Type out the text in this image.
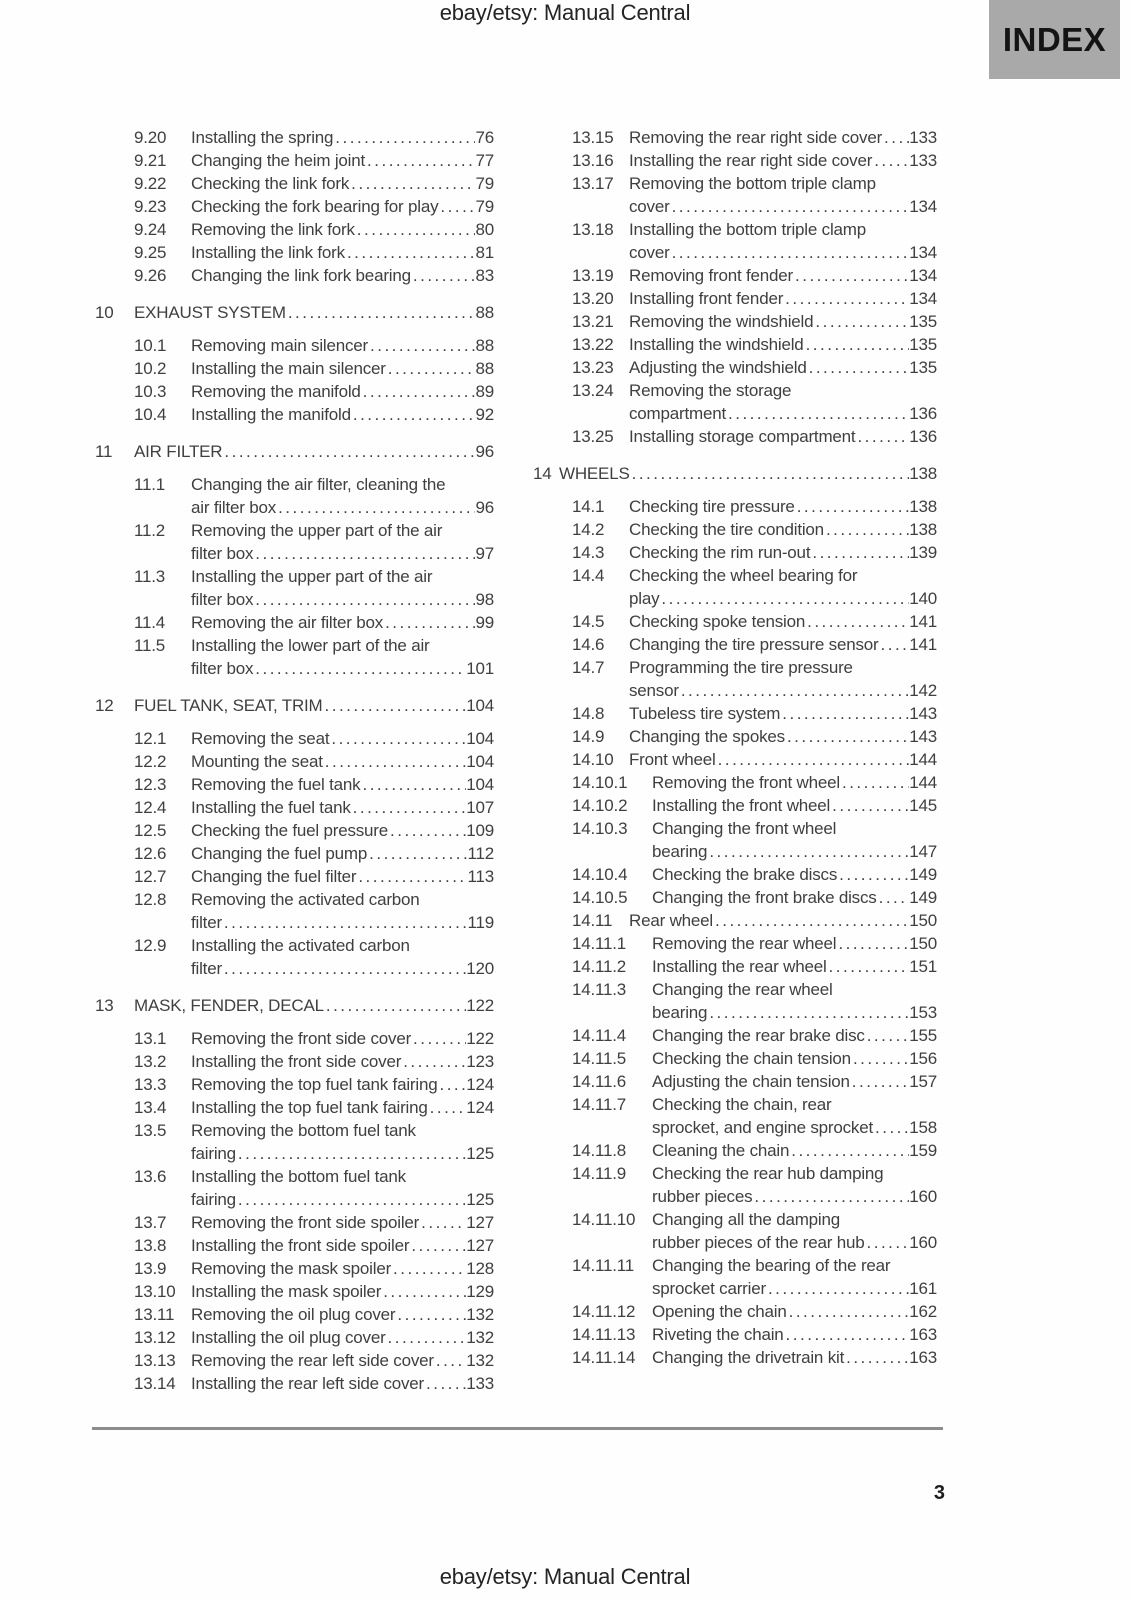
ebay/etsy: Manual Central
INDEX
9.20	Installing the spring .....	76
9.21	Changing the heim joint .....	77
9.22	Checking the link fork .....	79
9.23	Checking the fork bearing for play ..... 79
9.24	Removing the link fork .....	80
9.25	Installing the link fork .....	81
9.26	Changing the link fork bearing .....	83
10	EXHAUST SYSTEM .....	88
10.1	Removing main silencer .....	88
10.2	Installing the main silencer .....	88
10.3	Removing the manifold .....	89
10.4	Installing the manifold .....	92
11	AIR FILTER .....	96
11.1	Changing the air filter, cleaning the
air filter box .....	96
11.2	Removing the upper part of the air
filter box .....	97
11.3	Installing the upper part of the air
filter box .....	98
11.4	Removing the air filter box .....	99
11.5	Installing the lower part of the air
filter box .....	101
12	FUEL TANK, SEAT, TRIM .....	104
12.1	Removing the seat .....	104
12.2	Mounting the seat .....	104
12.3	Removing the fuel tank .....	104
12.4	Installing the fuel tank .....	107
12.5	Checking the fuel pressure .....	109
12.6	Changing the fuel pump .....	112
12.7	Changing the fuel filter .....	113
12.8	Removing the activated carbon
filter .....	119
12.9	Installing the activated carbon
filter .....	120
13	MASK, FENDER, DECAL .....	122
13.1	Removing the front side cover .....	122
13.2	Installing the front side cover .....	123
13.3	Removing the top fuel tank fairing ..... 124
13.4	Installing the top fuel tank fairing ..... 124
13.5	Removing the bottom fuel tank
fairing .....	125
13.6	Installing the bottom fuel tank
fairing .....	125
13.7	Removing the front side spoiler .....	127
13.8	Installing the front side spoiler .....	127
13.9	Removing the mask spoiler .....	128
13.10 Installing the mask spoiler .....	129
13.11 Removing the oil plug cover .....	132
13.12 Installing the oil plug cover .....	132
13.13 Removing the rear left side cover ..... 132
13.14 Installing the rear left side cover ..... 133
13.15 Removing the rear right side cover ..... 133
13.16 Installing the rear right side cover ..... 133
13.17 Removing the bottom triple clamp
cover .....	134
13.18 Installing the bottom triple clamp
cover .....	134
13.19 Removing front fender .....	134
13.20 Installing front fender .....	134
13.21 Removing the windshield .....	135
13.22 Installing the windshield .....	135
13.23 Adjusting the windshield .....	135
13.24 Removing the storage
compartment .....	136
13.25 Installing storage compartment .....	136
14 WHEELS .....	138
14.1	Checking tire pressure .....	138
14.2	Checking the tire condition .....	138
14.3	Checking the rim run-out .....	139
14.4	Checking the wheel bearing for
play .....	140
14.5	Checking spoke tension .....	141
14.6	Changing the tire pressure sensor ..... 141
14.7	Programming the tire pressure
sensor .....	142
14.8	Tubeless tire system .....	143
14.9	Changing the spokes .....	143
14.10 Front wheel .....	144
14.10.1	Removing the front wheel .....	144
14.10.2	Installing the front wheel .....	145
14.10.3	Changing the front wheel
bearing .....	147
14.10.4	Checking the brake discs .....	149
14.10.5	Changing the front brake discs ..... 149
14.11 Rear wheel .....	150
14.11.1	Removing the rear wheel .....	150
14.11.2	Installing the rear wheel .....	151
14.11.3	Changing the rear wheel
bearing .....	153
14.11.4	Changing the rear brake disc .....	155
14.11.5	Checking the chain tension .....	156
14.11.6	Adjusting the chain tension .....	157
14.11.7	Checking the chain, rear
sprocket, and engine sprocket ..... 158
14.11.8	Cleaning the chain .....	159
14.11.9	Checking the rear hub damping
rubber pieces .....	160
14.11.10 Changing all the damping
rubber pieces of the rear hub .....	160
14.11.11	Changing the bearing of the rear
sprocket carrier .....	161
14.11.12 Opening the chain .....	162
14.11.13 Riveting the chain .....	163
14.11.14 Changing the drivetrain kit .....	163
3
ebay/etsy: Manual Central
